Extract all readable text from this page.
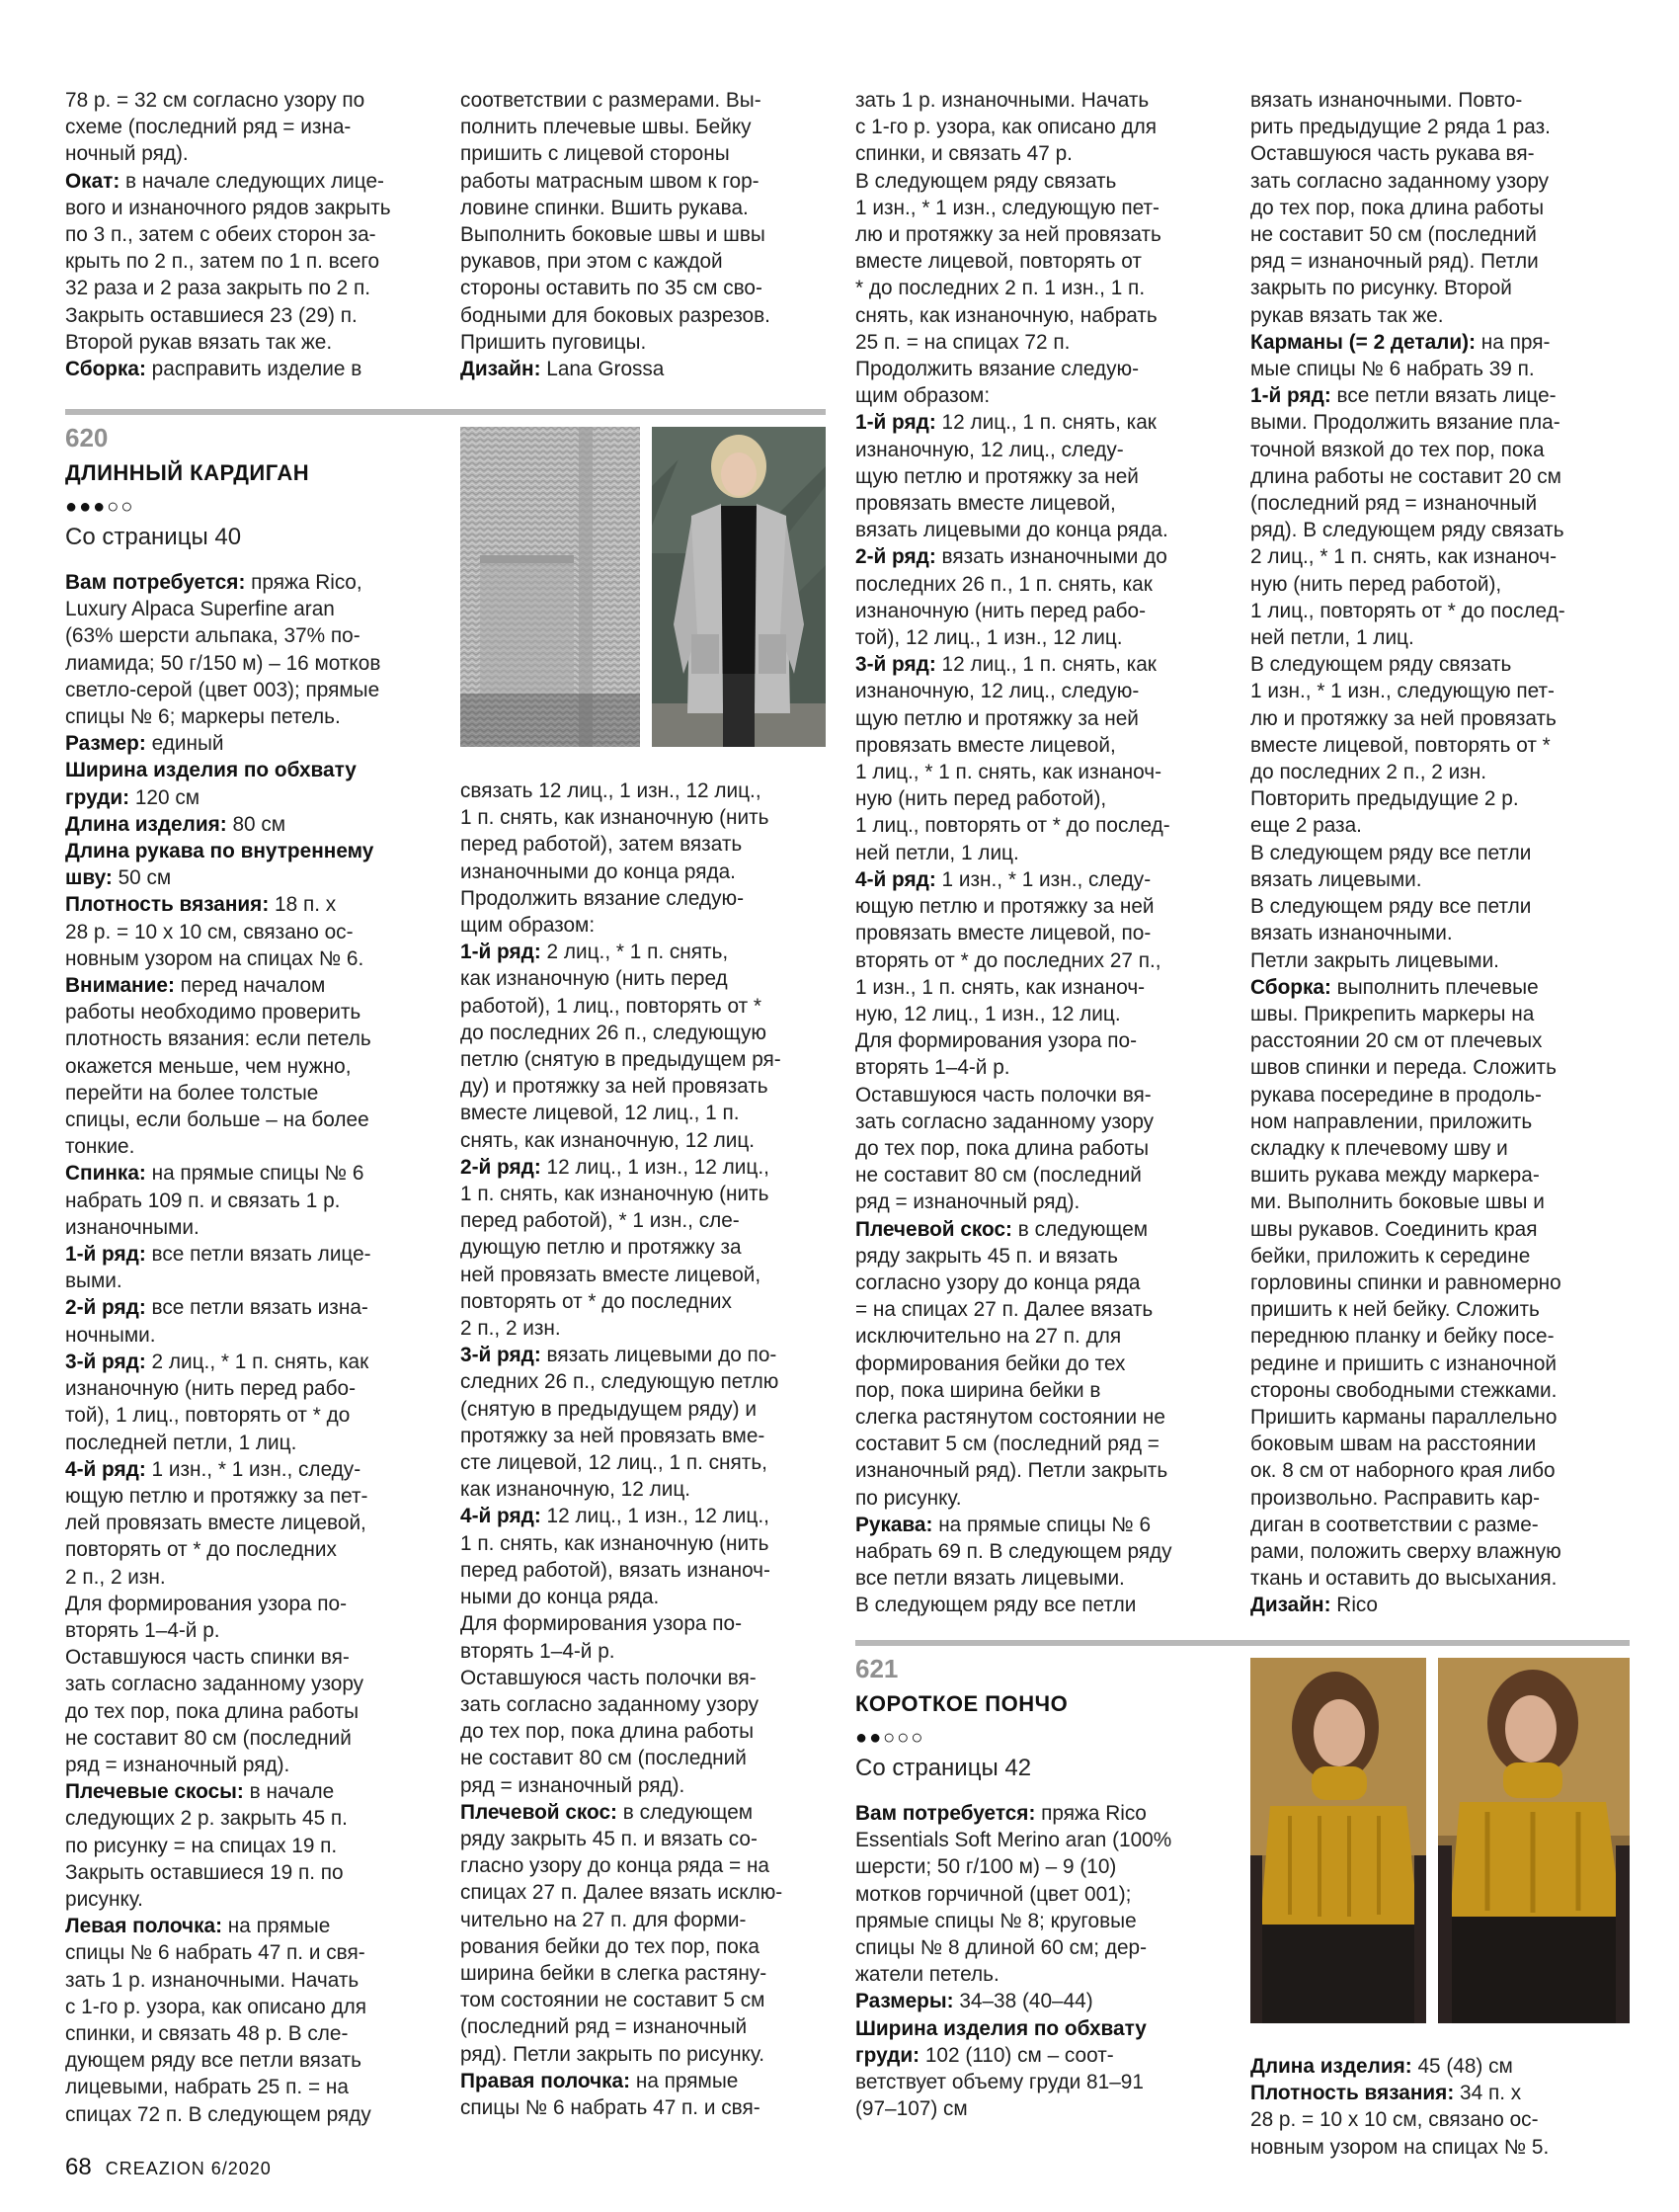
78 р. = 32 см согласно узору по

схеме (последний ряд = изна-

ночный ряд).

Окат: в начале следующих лице-

вого и изнаночного рядов закрыть

по 3 п., затем с обеих сторон за-

крыть по 2 п., затем по 1 п. всего

32 раза и 2 раза закрыть по 2 п.

Закрыть оставшиеся 23 (29) п.

Второй рукав вязать так же.

Сборка: расправить изделие в

соответствии с размерами. Вы-

полнить плечевые швы. Бейку

пришить с лицевой стороны

работы матрасным швом к гор-

ловине спинки. Вшить рукава.

Выполнить боковые швы и швы

рукавов, при этом с каждой

стороны оставить по 35 см сво-

бодными для боковых разрезов.

Пришить пуговицы.

Дизайн: Lana Grossa

620
ДЛИННЫЙ КАРДИГАН
●●●○○
Со страницы 40

Вам потребуется: пряжа Rico,

Luxury Alpaca Superfine aran

(63% шерсти альпака, 37% по-

лиамида; 50 г/150 м) – 16 мотков

светло-серой (цвет 003); прямые

спицы № 6; маркеры петель.

Размер: единый

Ширина изделия по обхвату

груди: 120 см

Длина изделия: 80 см

Длина рукава по внутреннему

шву: 50 см

Плотность вязания: 18 п. х

28 р. = 10 х 10 см, связано ос-

новным узором на спицах № 6.

Внимание: перед началом

работы необходимо проверить

плотность вязания: если петель

окажется меньше, чем нужно,

перейти на более толстые

спицы, если больше – на более

тонкие.

Спинка: на прямые спицы № 6

набрать 109 п. и связать 1 р.

изнаночными.

1-й ряд: все петли вязать лице-

выми.

2-й ряд: все петли вязать изна-

ночными.

3-й ряд: 2 лиц., * 1 п. снять, как

изнаночную (нить перед рабо-

той), 1 лиц., повторять от * до

последней петли, 1 лиц.

4-й ряд: 1 изн., * 1 изн., следу-

ющую петлю и протяжку за пет-

лей провязать вместе лицевой,

повторять от * до последних

2 п., 2 изн.

Для формирования узора по-

вторять 1–4-й р.

Оставшуюся часть спинки вя-

зать согласно заданному узору

до тех пор, пока длина работы

не составит 80 см (последний

ряд = изнаночный ряд).

Плечевые скосы: в начале

следующих 2 р. закрыть 45 п.

по рисунку = на спицах 19 п.

Закрыть оставшиеся 19 п. по

рисунку.

Левая полочка: на прямые

спицы № 6 набрать 47 п. и свя-

зать 1 р. изнаночными. Начать

с 1-го р. узора, как описано для

спинки, и связать 48 р. В сле-

дующем ряду все петли вязать

лицевыми, набрать 25 п. = на

спицах 72 п. В следующем ряду

связать 12 лиц., 1 изн., 12 лиц.,

1 п. снять, как изнаночную (нить

перед работой), затем вязать

изнаночными до конца ряда.

Продолжить вязание следую-

щим образом:

1-й ряд: 2 лиц., * 1 п. снять,

как изнаночную (нить перед

работой), 1 лиц., повторять от *

до последних 26 п., следующую

петлю (снятую в предыдущем ря-

ду) и протяжку за ней провязать

вместе лицевой, 12 лиц., 1 п.

снять, как изнаночную, 12 лиц.

2-й ряд: 12 лиц., 1 изн., 12 лиц.,

1 п. снять, как изнаночную (нить

перед работой), * 1 изн., сле-

дующую петлю и протяжку за

ней провязать вместе лицевой,

повторять от * до последних

2 п., 2 изн.

3-й ряд: вязать лицевыми до по-

следних 26 п., следующую петлю

(снятую в предыдущем ряду) и

протяжку за ней провязать вме-

сте лицевой, 12 лиц., 1 п. снять,

как изнаночную, 12 лиц.

4-й ряд: 12 лиц., 1 изн., 12 лиц.,

1 п. снять, как изнаночную (нить

перед работой), вязать изнаноч-

ными до конца ряда.

Для формирования узора по-

вторять 1–4-й р.

Оставшуюся часть полочки вя-

зать согласно заданному узору

до тех пор, пока длина работы

не составит 80 см (последний

ряд = изнаночный ряд).

Плечевой скос: в следующем

ряду закрыть 45 п. и вязать со-

гласно узору до конца ряда = на

спицах 27 п. Далее вязать исклю-

чительно на 27 п. для форми-

рования бейки до тех пор, пока

ширина бейки в слегка растяну-

том состоянии не составит 5 см

(последний ряд = изнаночный

ряд). Петли закрыть по рисунку.

Правая полочка: на прямые

спицы № 6 набрать 47 п. и свя-

зать 1 р. изнаночными. Начать

с 1-го р. узора, как описано для

спинки, и связать 47 р.

В следующем ряду связать

1 изн., * 1 изн., следующую пет-

лю и протяжку за ней провязать

вместе лицевой, повторять от

* до последних 2 п. 1 изн., 1 п.

снять, как изнаночную, набрать

25 п. = на спицах 72 п.

Продолжить вязание следую-

щим образом:

1-й ряд: 12 лиц., 1 п. снять, как

изнаночную, 12 лиц., следу-

щую петлю и протяжку за ней

провязать вместе лицевой,

вязать лицевыми до конца ряда.

2-й ряд: вязать изнаночными до

последних 26 п., 1 п. снять, как

изнаночную (нить перед рабо-

той), 12 лиц., 1 изн., 12 лиц.

3-й ряд: 12 лиц., 1 п. снять, как

изнаночную, 12 лиц., следую-

щую петлю и протяжку за ней

провязать вместе лицевой,

1 лиц., * 1 п. снять, как изнаноч-

ную (нить перед работой),

1 лиц., повторять от * до послед-

ней петли, 1 лиц.

4-й ряд: 1 изн., * 1 изн., следу-

ющую петлю и протяжку за ней

провязать вместе лицевой, по-

вторять от * до последних 27 п.,

1 изн., 1 п. снять, как изнаноч-

ную, 12 лиц., 1 изн., 12 лиц.

Для формирования узора по-

вторять 1–4-й р.

Оставшуюся часть полочки вя-

зать согласно заданному узору

до тех пор, пока длина работы

не составит 80 см (последний

ряд = изнаночный ряд).

Плечевой скос: в следующем

ряду закрыть 45 п. и вязать

согласно узору до конца ряда

= на спицах 27 п. Далее вязать

исключительно на 27 п. для

формирования бейки до тех

пор, пока ширина бейки в

слегка растянутом состоянии не

составит 5 см (последний ряд =

изнаночный ряд). Петли закрыть

по рисунку.

Рукава: на прямые спицы № 6

набрать 69 п. В следующем ряду

все петли вязать лицевыми.

В следующем ряду все петли

вязать изнаночными. Повто-

рить предыдущие 2 ряда 1 раз.

Оставшуюся часть рукава вя-

зать согласно заданному узору

до тех пор, пока длина работы

не составит 50 см (последний

ряд = изнаночный ряд). Петли

закрыть по рисунку. Второй

рукав вязать так же.

Карманы (= 2 детали): на пря-

мые спицы № 6 набрать 39 п.

1-й ряд: все петли вязать лице-

выми. Продолжить вязание пла-

точной вязкой до тех пор, пока

длина работы не составит 20 см

(последний ряд = изнаночный

ряд). В следующем ряду связать

2 лиц., * 1 п. снять, как изнаноч-

ную (нить перед работой),

1 лиц., повторять от * до послед-

ней петли, 1 лиц.

В следующем ряду связать

1 изн., * 1 изн., следующую пет-

лю и протяжку за ней провязать

вместе лицевой, повторять от *

до последних 2 п., 2 изн.

Повторить предыдущие 2 р.

еще 2 раза.

В следующем ряду все петли

вязать лицевыми.

В следующем ряду все петли

вязать изнаночными.

Петли закрыть лицевыми.

Сборка: выполнить плечевые

швы. Прикрепить маркеры на

расстоянии 20 см от плечевых

швов спинки и переда. Сложить

рукава посередине в продоль-

ном направлении, приложить

складку к плечевому шву и

вшить рукава между маркера-

ми. Выполнить боковые швы и

швы рукавов. Соединить края

бейки, приложить к середине

горловины спинки и равномерно

пришить к ней бейку. Сложить

переднюю планку и бейку посе-

редине и пришить с изнаночной

стороны свободными стежками.

Пришить карманы параллельно

боковым швам на расстоянии

ок. 8 см от наборного края либо

произвольно. Расправить кар-

диган в соответствии с разме-

рами, положить сверху влажную

ткань и оставить до высыхания.

Дизайн: Rico

621
КОРОТКОЕ ПОНЧО
●●○○○
Со страницы 42

Вам потребуется: пряжа Rico

Essentials Soft Merino aran (100%

шерсти; 50 г/100 м) – 9 (10)

мотков горчичной (цвет 001);

прямые спицы № 8; круговые

спицы № 8 длиной 60 см; дер-

жатели петель.

Размеры: 34–38 (40–44)

Ширина изделия по обхвату

груди: 102 (110) см – соот-

ветствует объему груди 81–91

(97–107) см

Длина изделия: 45 (48) см

Плотность вязания: 34 п. х

28 р. = 10 х 10 см, связано ос-

новным узором на спицах № 5.

68 CREAZION 6/2020
